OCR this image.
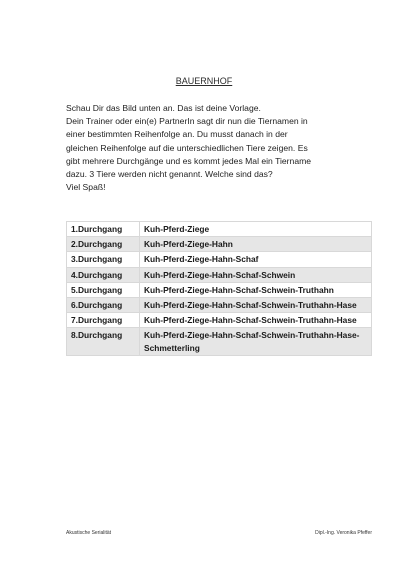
BAUERNHOF
Schau Dir das Bild unten an. Das ist deine Vorlage.
Dein Trainer oder ein(e) PartnerIn sagt dir nun die Tiernamen in
einer bestimmten Reihenfolge an. Du musst danach in der
gleichen Reihenfolge auf die unterschiedlichen Tiere zeigen. Es
gibt mehrere Durchgänge und es kommt jedes Mal ein Tiername
dazu. 3 Tiere werden nicht genannt. Welche sind das?
Viel Spaß!
1.Durchgang	Kuh-Pferd-Ziege
2.Durchgang	Kuh-Pferd-Ziege-Hahn
3.Durchgang	Kuh-Pferd-Ziege-Hahn-Schaf
4.Durchgang	Kuh-Pferd-Ziege-Hahn-Schaf-Schwein
5.Durchgang	Kuh-Pferd-Ziege-Hahn-Schaf-Schwein-Truthahn
6.Durchgang	Kuh-Pferd-Ziege-Hahn-Schaf-Schwein-Truthahn-Hase
7.Durchgang	Kuh-Pferd-Ziege-Hahn-Schaf-Schwein-Truthahn-Hase
8.Durchgang	Kuh-Pferd-Ziege-Hahn-Schaf-Schwein-Truthahn-Hase-Schmetterling
Akustische Serialität	Dipl.-Ing. Veronika Pfeffer
